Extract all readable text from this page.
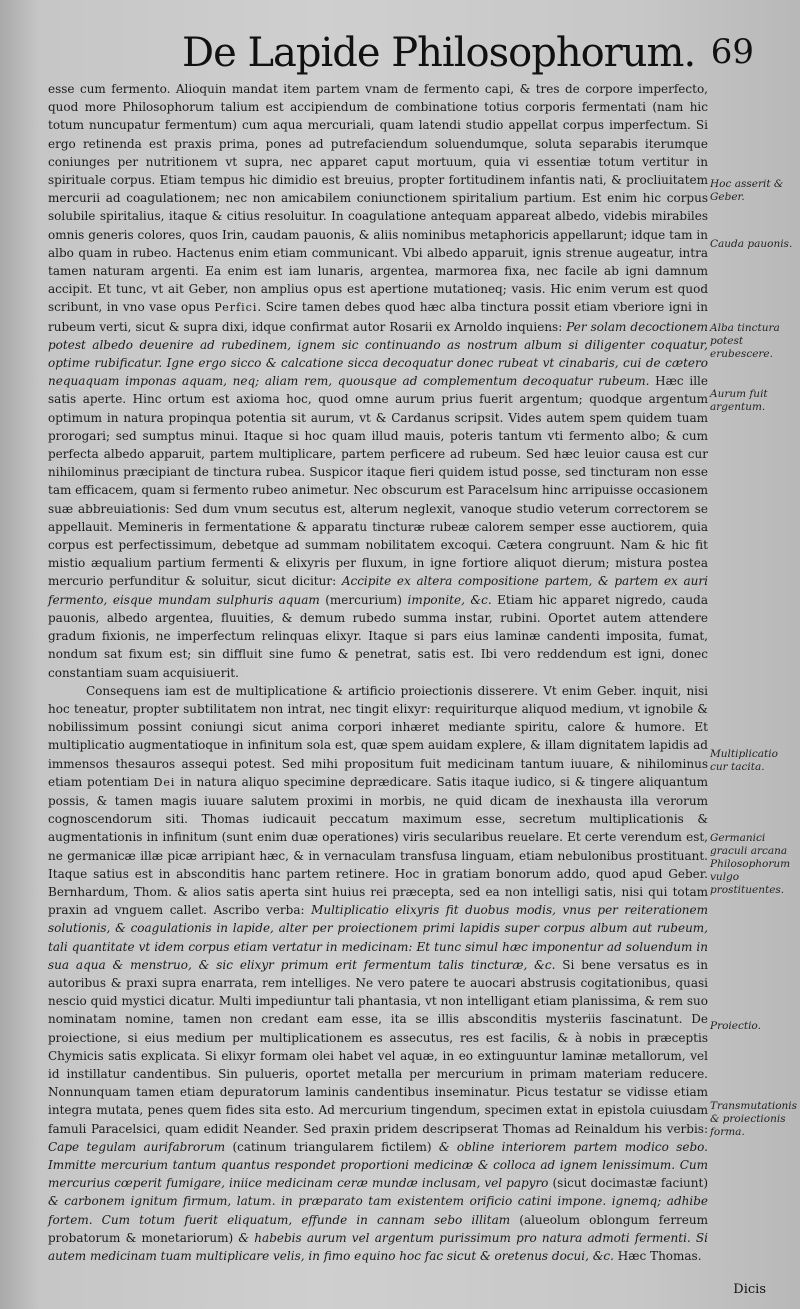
De Lapide Philosophorum. 69

esse cum fermento. Alioquin mandat item partem vnam de fermento capi, & tres de corpore imperfecto, quod more Philosophorum talium est accipiendum de combinatione totius corporis fermentati (nam hic totum nuncupatur fermentum) cum aqua mercuriali, quam latendi studio appellat corpus imperfectum. Si ergo retinenda est praxis prima, pones ad putrefaciendum soluendumque, soluta separabis iterumque coniunges per nutritionem vt supra, nec apparet caput mortuum, quia vi essentiæ totum vertitur in spirituale corpus. Etiam tempus hic dimidio est breuius, propter fortitudinem infantis nati, & procliuitatem mercurii ad coagulationem; nec non amicabilem coniunctionem spiritalium partium. Est enim hic corpus solubile spiritalius, itaque & citius resoluitur. In coagulatione antequam appareat albedo, videbis mirabiles omnis generis colores, quos Irin, caudam pauonis, & aliis nominibus metaphoricis appellarunt; idque tam in albo quam in rubeo. Hactenus enim etiam communicant. Vbi albedo apparuit, ignis strenue augeatur, intra tamen naturam argenti. Ea enim est iam lunaris, argentea, marmorea fixa, nec facile ab igni damnum accipit. Et tunc, vt ait Geber, non amplius opus est apertione mutationeq; vasis. Hic enim verum est quod scribunt, in vno vase opus Perfici. Scire tamen debes quod hæc alba tinctura possit etiam vberiore igni in rubeum verti, sicut & supra dixi, idque confirmat autor Rosarii ex Arnoldo inquiens: Per solam decoctionem potest albedo deuenire ad rubedinem, ignem sic continuando as nostrum album si diligenter coquatur, optime rubificatur. Igne ergo sicco & calcatione sicca decoquatur donec rubeat vt cinabaris, cui de cætero nequaquam imponas aquam, neq; aliam rem, quousque ad complementum decoquatur rubeum. Hæc ille satis aperte. Hinc ortum est axioma hoc, quod omne aurum prius fuerit argentum; quodque argentum optimum in natura propinqua potentia sit aurum, vt & Cardanus scripsit. Vides autem spem quidem tuam prorogari; sed sumptus minui. Itaque si hoc quam illud mauis, poteris tantum vti fermento albo; & cum perfecta albedo apparuit, partem multiplicare, partem perficere ad rubeum. Sed hæc leuior causa est cur nihilominus præcipiant de tinctura rubea. Suspicor itaque fieri quidem istud posse, sed tincturam non esse tam efficacem, quam si fermento rubeo animetur. Nec obscurum est Paracelsum hinc arripuisse occasionem suæ abbreuiationis: Sed dum vnum secutus est, alterum neglexit, vanoque studio veterum correctorem se appellauit. Memineris in fermentatione & apparatu tincturæ rubeæ calorem semper esse auctiorem, quia corpus est perfectissimum, debetque ad summam nobilitatem excoqui. Cætera congruunt. Nam & hic fit mistio æqualium partium fermenti & elixyris per fluxum, in igne fortiore aliquot dierum; mistura postea mercurio perfunditur & soluitur, sicut dicitur: Accipite ex altera compositione partem, & partem ex auri fermento, eisque mundam sulphuris aquam (mercurium) imponite, &c. Etiam hic apparet nigredo, cauda pauonis, albedo argentea, fluuities, & demum rubedo summa instar, rubini. Oportet autem attendere gradum fixionis, ne imperfectum relinquas elixyr. Itaque si pars eius laminæ candenti imposita, fumat, nondum sat fixum est; sin diffluit sine fumo & penetrat, satis est. Ibi vero reddendum est igni, donec constantiam suam acquisiuerit.

Consequens iam est de multiplicatione & artificio proiectionis disserere. Vt enim Geber. inquit, nisi hoc teneatur, propter subtilitatem non intrat, nec tingit elixyr: requiriturque aliquod medium, vt ignobile & nobilissimum possint coniungi sicut anima corpori inhæret mediante spiritu, calore & humore. Et multiplicatio augmentatioque in infinitum sola est, quæ spem auidam explere, & illam dignitatem lapidis ad immensos thesauros assequi potest. Sed mihi propositum fuit medicinam tantum iuuare, & nihilominus etiam potentiam Dei in natura aliquo specimine deprædicare. Satis itaque iudico, si & tingere aliquantum possis, & tamen magis iuuare salutem proximi in morbis, ne quid dicam de inexhausta illa verorum cognoscendorum siti. Thomas iudicauit peccatum maximum esse, secretum multiplicationis & augmentationis in infinitum (sunt enim duæ operationes) viris secularibus reuelare. Et certe verendum est, ne germanicæ illæ picæ arripiant hæc, & in vernaculam transfusa linguam, etiam nebulonibus prostituant. Itaque satius est in absconditis hanc partem retinere. Hoc in gratiam bonorum addo, quod apud Geber. Bernhardum, Thom. & alios satis aperta sint huius rei præcepta, sed ea non intelligi satis, nisi qui totam praxin ad vnguem callet. Ascribo verba: Multiplicatio elixyris fit duobus modis, vnus per reiterationem solutionis, & coagulationis in lapide, alter per proiectionem primi lapidis super corpus album aut rubeum, tali quantitate vt idem corpus etiam vertatur in medicinam: Et tunc simul hæc imponentur ad soluendum in sua aqua & menstruo, & sic elixyr primum erit fermentum talis tincturæ, &c. Si bene versatus es in autoribus & praxi supra enarrata, rem intelliges. Ne vero patere te auocari abstrusis cogitationibus, quasi nescio quid mystici dicatur. Multi impediuntur tali phantasia, vt non intelligant etiam planissima, & rem suo nominatam nomine, tamen non credant eam esse, ita se illis absconditis mysteriis fascinatunt. De proiectione, si eius medium per multiplicationem es assecutus, res est facilis, & à nobis in præceptis Chymicis satis explicata. Si elixyr formam olei habet vel aquæ, in eo extinguuntur laminæ metallorum, vel id instillatur candentibus. Sin pulueris, oportet metalla per mercurium in primam materiam reducere. Nonnunquam tamen etiam depuratorum laminis candentibus inseminatur. Picus testatur se vidisse etiam integra mutata, penes quem fides sita esto. Ad mercurium tingendum, specimen extat in epistola cuiusdam famuli Paracelsici, quam edidit Neander. Sed praxin pridem descripserat Thomas ad Reinaldum his verbis: Cape tegulam aurifabrorum (catinum triangularem fictilem) & obline interiorem partem modico sebo. Immitte mercurium tantum quantus respondet proportioni medicinæ & colloca ad ignem lenissimum. Cum mercurius cœperit fumigare, iniice medicinam ceræ mundæ inclusam, vel papyro (sicut docimastæ faciunt) & carbonem ignitum firmum, latum. in præparato tam existentem orificio catini impone. ignemq; adhibe fortem. Cum totum fuerit eliquatum, effunde in cannam sebo illitam (alueolum oblongum ferreum probatorum & monetariorum) & habebis aurum vel argentum purissimum pro natura admoti fermenti. Si autem medicinam tuam multiplicare velis, in fimo equino hoc fac sicut & oretenus docui, &c. Hæc Thomas.

Hoc asserit & Geber.
Cauda pauonis.
Alba tinctura potest erubescere.
Aurum fuit argentum.
Multiplicatio cur tacita.
Germanici graculi arcana Philosophorum vulgo prostituentes.
Proiectio.
Transmutationis & proiectionis forma.
Dicis
